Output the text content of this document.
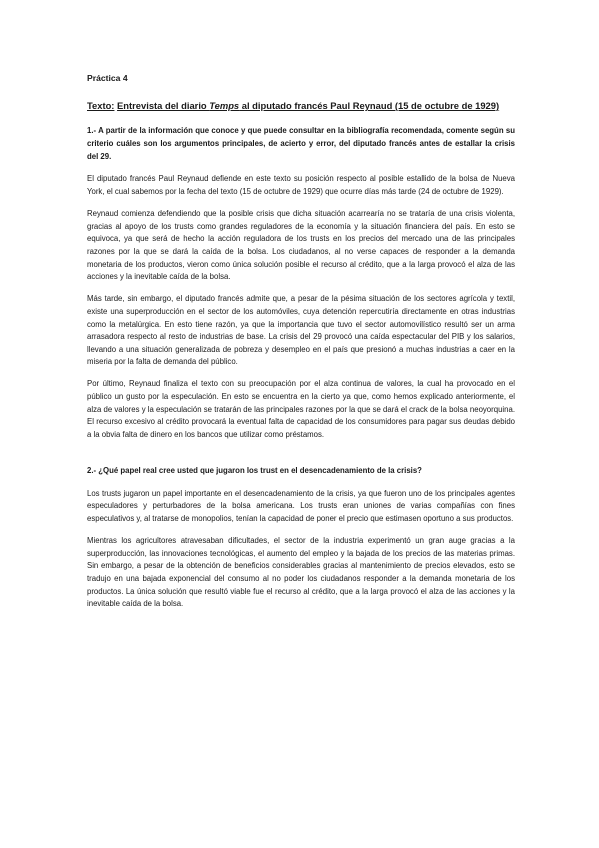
Práctica 4
Texto: Entrevista del diario Temps al diputado francés Paul Reynaud (15 de octubre de 1929)
1.- A partir de la información que conoce y que puede consultar en la bibliografía recomendada, comente según su criterio cuáles son los argumentos principales, de acierto y error, del diputado francés antes de estallar la crisis del 29.
El diputado francés Paul Reynaud defiende en este texto su posición respecto al posible estallido de la bolsa de Nueva York, el cual sabemos por la fecha del texto (15 de octubre de 1929) que ocurre días más tarde (24 de octubre de 1929).
Reynaud comienza defendiendo que la posible crisis que dicha situación acarrearía no se trataría de una crisis violenta, gracias al apoyo de los trusts como grandes reguladores de la economía y la situación financiera del país. En esto se equivoca, ya que será de hecho la acción reguladora de los trusts en los precios del mercado una de las principales razones por la que se dará la caída de la bolsa. Los ciudadanos, al no verse capaces de responder a la demanda monetaria de los productos, vieron como única solución posible el recurso al crédito, que a la larga provocó el alza de las acciones y la inevitable caída de la bolsa.
Más tarde, sin embargo, el diputado francés admite que, a pesar de la pésima situación de los sectores agrícola y textil, existe una superproducción en el sector de los automóviles, cuya detención repercutiría directamente en otras industrias como la metalúrgica. En esto tiene razón, ya que la importancia que tuvo el sector automovilístico resultó ser un arma arrasadora respecto al resto de industrias de base. La crisis del 29 provocó una caída espectacular del PIB y los salarios, llevando a una situación generalizada de pobreza y desempleo en el país que presionó a muchas industrias a caer en la miseria por la falta de demanda del público.
Por último, Reynaud finaliza el texto con su preocupación por el alza continua de valores, la cual ha provocado en el público un gusto por la especulación. En esto se encuentra en la cierto ya que, como hemos explicado anteriormente, el alza de valores y la especulación se tratarán de las principales razones por la que se dará el crack de la bolsa neoyorquina. El recurso excesivo al crédito provocará la eventual falta de capacidad de los consumidores para pagar sus deudas debido a la obvia falta de dinero en los bancos que utilizar como préstamos.
2.- ¿Qué papel real cree usted que jugaron los trust en el desencadenamiento de la crisis?
Los trusts jugaron un papel importante en el desencadenamiento de la crisis, ya que fueron uno de los principales agentes especuladores y perturbadores de la bolsa americana. Los trusts eran uniones de varias compañías con fines especulativos y, al tratarse de monopolios, tenían la capacidad de poner el precio que estimasen oportuno a sus productos.
Mientras los agricultores atravesaban dificultades, el sector de la industria experimentó un gran auge gracias a la superproducción, las innovaciones tecnológicas, el aumento del empleo y la bajada de los precios de las materias primas. Sin embargo, a pesar de la obtención de beneficios considerables gracias al mantenimiento de precios elevados, esto se tradujo en una bajada exponencial del consumo al no poder los ciudadanos responder a la demanda monetaria de los productos. La única solución que resultó viable fue el recurso al crédito, que a la larga provocó el alza de las acciones y la inevitable caída de la bolsa.
